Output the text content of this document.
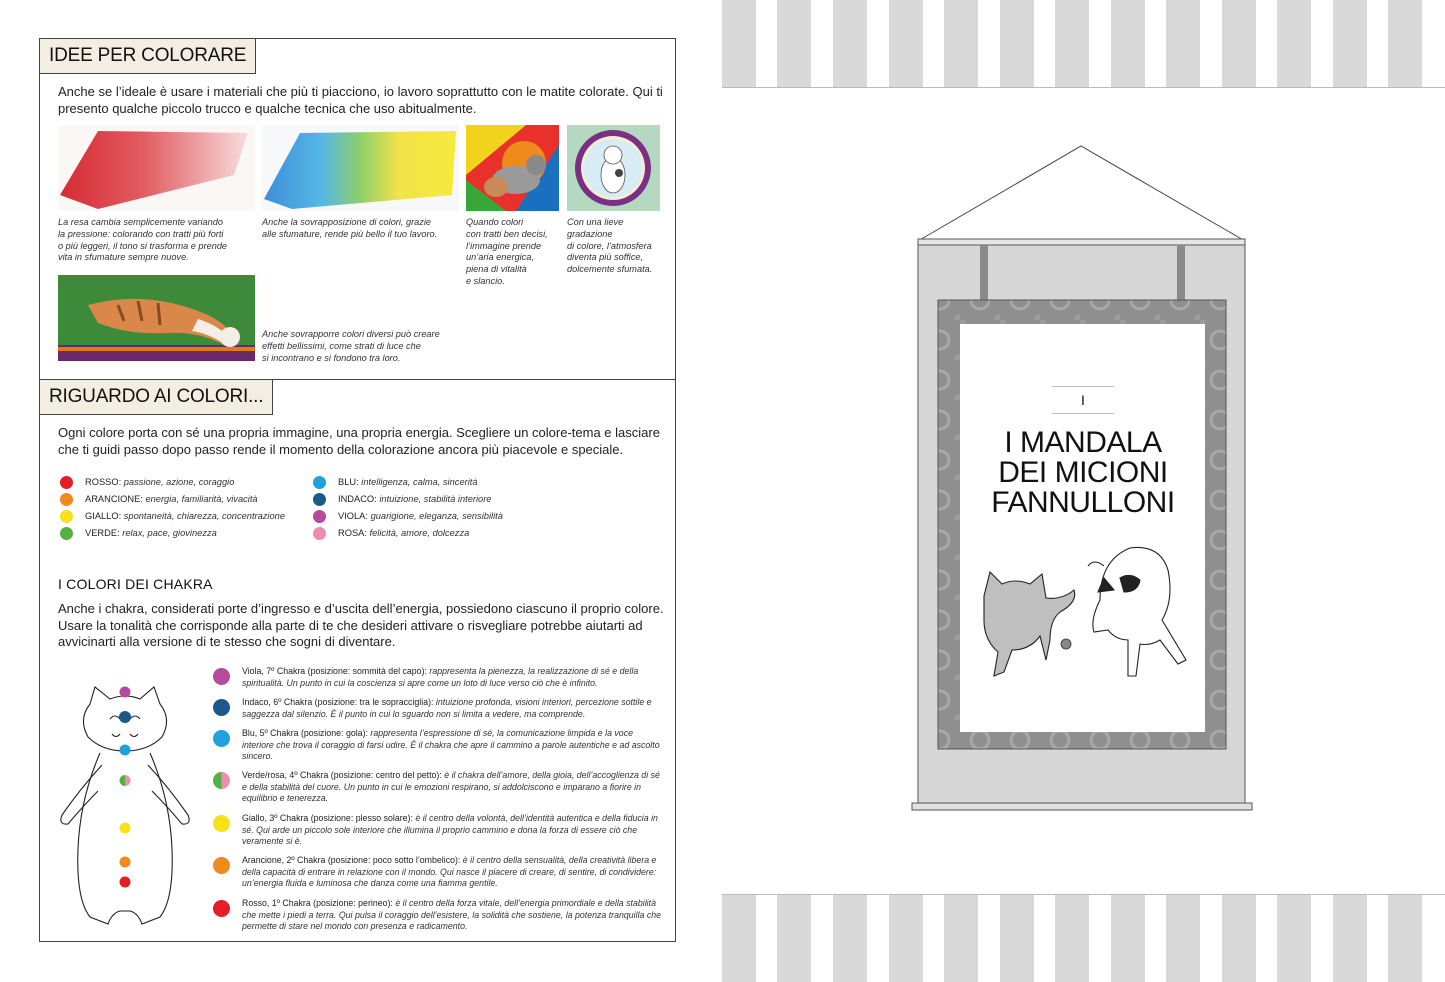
IDEE PER COLORARE

Anche se l’ideale è usare i materiali che più ti piacciono, io lavoro soprattutto con le matite colorate. Qui ti presento qualche piccolo trucco e qualche tecnica che uso abitualmente.

La resa cambia semplicemente variando
la pressione: colorando con tratti più forti
o più leggeri, il tono si trasforma e prende
vita in sfumature sempre nuove.

Anche la sovrapposizione di colori, grazie
alle sfumature, rende più bello il tuo lavoro.

Quando colori
con tratti ben decisi,
l’immagine prende
un’aria energica,
piena di vitalità
e slancio.

Con una lieve
gradazione
di colore, l’atmosfera
diventa più soffice,
dolcemente sfumata.

Anche sovrapporre colori diversi può creare
effetti bellissimi, come strati di luce che
si incontrano e si fondono tra loro.

RIGUARDO AI COLORI...

Ogni colore porta con sé una propria immagine, una propria energia. Scegliere un colore-tema e lasciare che ti guidi passo dopo passo rende il momento della colorazione ancora più piacevole e speciale.

ROSSO: passione, azione, coraggio
ARANCIONE: energia, familiarità, vivacità
GIALLO: spontaneità, chiarezza, concentrazione
VERDE: relax, pace, giovinezza
BLU: intelligenza, calma, sincerità
INDACO: intuizione, stabilità interiore
VIOLA: guarigione, eleganza, sensibilità
ROSA: felicità, amore, dolcezza
I COLORI DEI CHAKRA

Anche i chakra, considerati porte d’ingresso e d’uscita dell’energia, possiedono ciascuno il proprio colore. Usare la tonalità che corrisponde alla parte di te che desideri attivare o risvegliare potrebbe aiutarti ad avvicinarti alla versione di te stesso che sogni di diventare.

Viola, 7º Chakra (posizione: sommità del capo): rappresenta la pienezza, la realizzazione di sé e della spiritualità. Un punto in cui la coscienza si apre come un loto di luce verso ciò che è infinito.

Indaco, 6º Chakra (posizione: tra le sopracciglia): intuizione profonda, visioni interiori, percezione sottile e saggezza dal silenzio. È il punto in cui lo sguardo non si limita a vedere, ma comprende.

Blu, 5º Chakra (posizione: gola): rappresenta l’espressione di sé, la comunicazione limpida e la voce interiore che trova il coraggio di farsi udire. È il chakra che apre il cammino a parole autentiche e ad ascolto sincero.

Verde/rosa, 4º Chakra (posizione: centro del petto): è il chakra dell’amore, della gioia, dell’accoglienza di sé e della stabilità del cuore. Un punto in cui le emozioni respirano, si addolciscono e imparano a fiorire in equilibrio e tenerezza.

Giallo, 3º Chakra (posizione: plesso solare): è il centro della volontà, dell’identità autentica e della fiducia in sé. Qui arde un piccolo sole interiore che illumina il proprio cammino e dona la forza di essere ciò che veramente si è.

Arancione, 2º Chakra (posizione: poco sotto l’ombelico): è il centro della sensualità, della creatività libera e della capacità di entrare in relazione con il mondo. Qui nasce il piacere di creare, di sentire, di condividere: un’energia fluida e luminosa che danza come una fiamma gentile.

Rosso, 1º Chakra (posizione: perineo): è il centro della forza vitale, dell’energia primordiale e della stabilità che mette i piedi a terra. Qui pulsa il coraggio dell’esistere, la solidità che sostiene, la potenza tranquilla che permette di stare nel mondo con presenza e radicamento.

I
I MANDALA
DEI MICIONI
FANNULLONI
